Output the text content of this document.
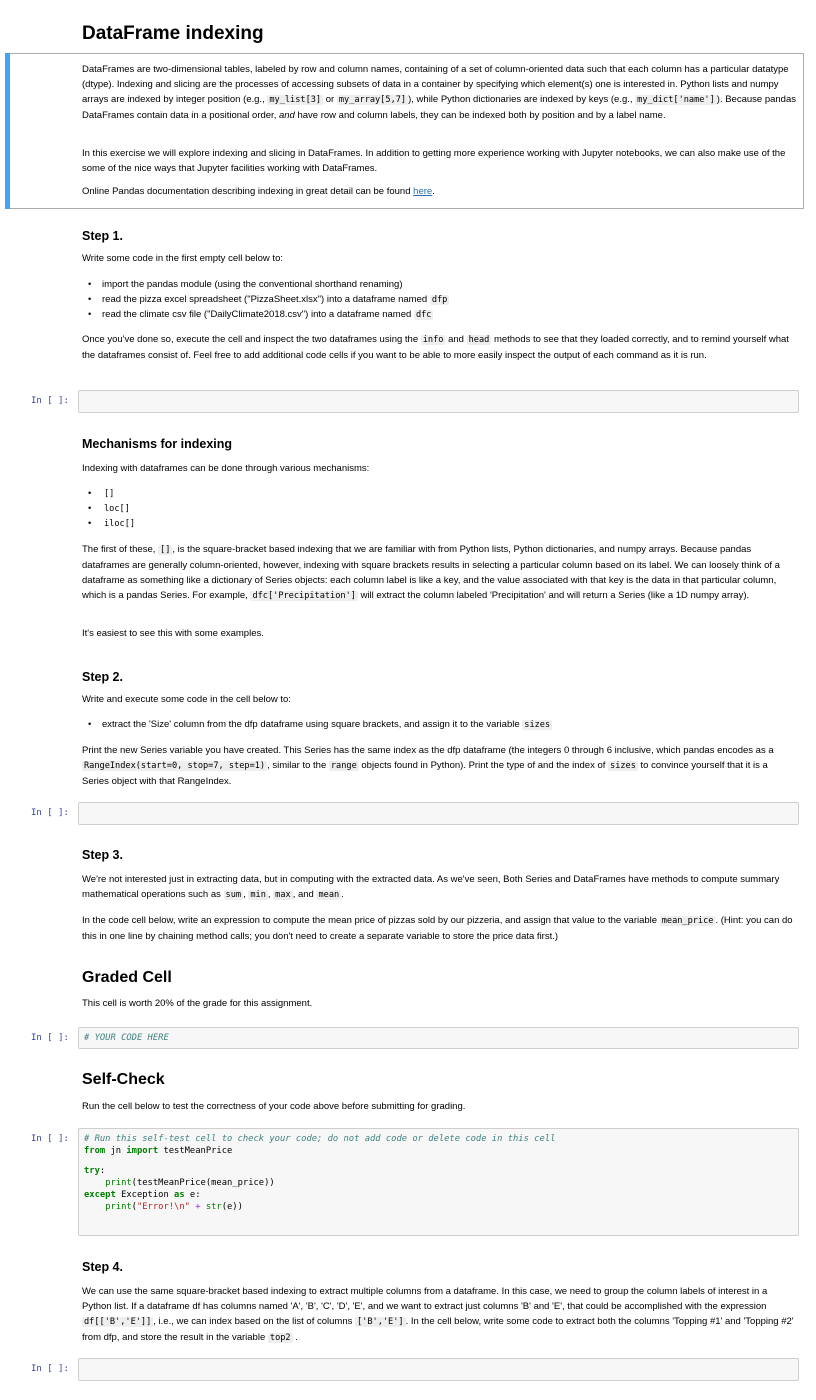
DataFrame indexing

DataFrames are two-dimensional tables, labeled by row and column names, containing of a set of column-oriented data such that each column has a particular datatype (dtype). Indexing and slicing are the processes of accessing subsets of data in a container by specifying which element(s) one is interested in. Python lists and numpy arrays are indexed by integer position (e.g., my_list[3] or my_array[5,7] ), while Python dictionaries are indexed by keys (e.g., my_dict['name'] ). Because pandas DataFrames contain data in a positional order, and have row and column labels, they can be indexed both by position and by a label name.

In this exercise we will explore indexing and slicing in DataFrames. In addition to getting more experience working with Jupyter notebooks, we can also make use of the some of the nice ways that Jupyter facilities working with DataFrames.

Online Pandas documentation describing indexing in great detail can be found here.

Step 1.

Write some code in the first empty cell below to:

• import the pandas module (using the conventional shorthand renaming)

• read the pizza excel spreadsheet ("PizzaSheet.xlsx") into a dataframe named dfp

• read the climate csv file ("DailyClimate2018.csv") into a dataframe named dfc

Once you've done so, execute the cell and inspect the two dataframes using the info and head methods to see that they loaded correctly, and to remind yourself what the dataframes consist of. Feel free to add additional code cells if you want to be able to more easily inspect the output of each command as it is run.

In [ ]:
Mechanisms for indexing

Indexing with dataframes can be done through various mechanisms:

• []

• loc[]

• iloc[]

The first of these, [] , is the square-bracket based indexing that we are familiar with from Python lists, Python dictionaries, and numpy arrays. Because pandas dataframes are generally column-oriented, however, indexing with square brackets results in selecting a particular column based on its label. We can loosely think of a dataframe as something like a dictionary of Series objects: each column label is like a key, and the value associated with that key is the data in that particular column, which is a pandas Series. For example, dfc['Precipitation'] will extract the column labeled 'Precipitation' and will return a Series (like a 1D numpy array).

It's easiest to see this with some examples.

Step 2.

Write and execute some code in the cell below to:

• extract the 'Size' column from the dfp dataframe using square brackets, and assign it to the variable sizes

Print the new Series variable you have created. This Series has the same index as the dfp dataframe (the integers 0 through 6 inclusive, which pandas encodes as a RangeIndex(start=0, stop=7, step=1) , similar to the range objects found in Python). Print the type of and the index of sizes to convince yourself that it is a Series object with that RangeIndex.

In [ ]:
Step 3.

We're not interested just in extracting data, but in computing with the extracted data. As we've seen, Both Series and DataFrames have methods to compute summary mathematical operations such as sum , min , max , and mean .

In the code cell below, write an expression to compute the mean price of pizzas sold by our pizzeria, and assign that value to the variable mean_price . (Hint: you can do this in one line by chaining method calls; you don't need to create a separate variable to store the price data first.)

Graded Cell

This cell is worth 20% of the grade for this assignment.

In [ ]: # YOUR CODE HERE
Self-Check

Run the cell below to test the correctness of your code above before submitting for grading.

In [ ]: # Run this self-test cell to check your code; do not add code or delete code in this cell
from jn import testMeanPrice
try:
print(testMeanPrice(mean_price))
except Exception as e:
print("Error!\n" + str(e))
Step 4.

We can use the same square-bracket based indexing to extract multiple columns from a dataframe. In this case, we need to group the column labels of interest in a Python list. If a dataframe df has columns named 'A', 'B', 'C', 'D', 'E', and we want to extract just columns 'B' and 'E', that could be accomplished with the expression df[['B','E']] , i.e., we can index based on the list of columns ['B','E'] . In the cell below, write some code to extract both the columns 'Topping #1' and 'Topping #2' from dfp, and store the result in the variable top2 .

In [ ]:
